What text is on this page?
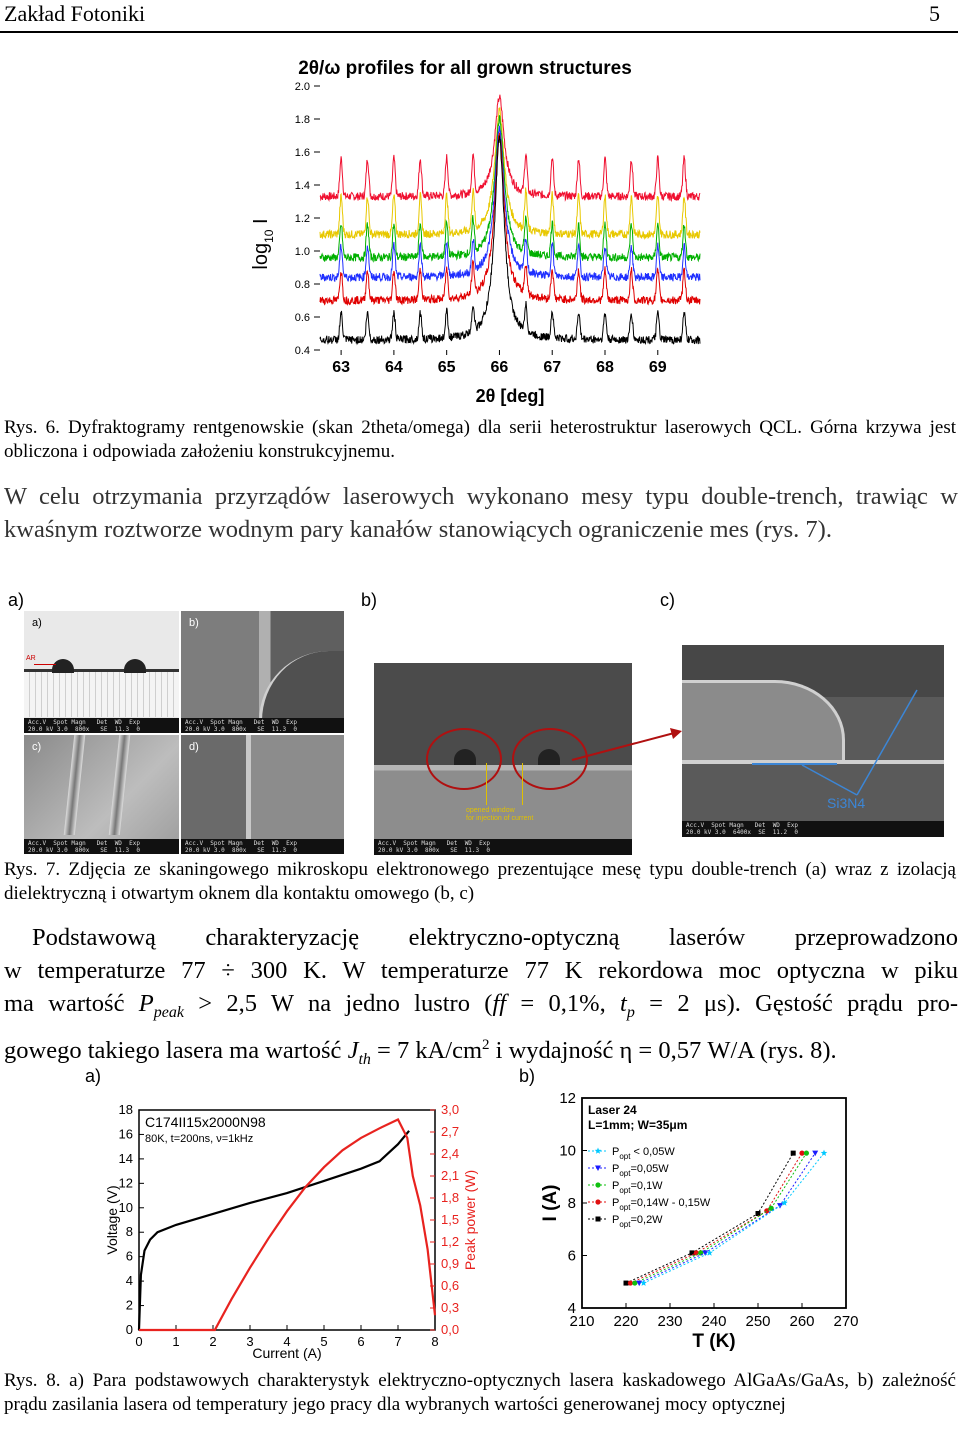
Zakład Fotoniki	5
2θ/ω profiles for all grown structures
0.4
0.6
0.8
1.0
1.2
1.4
1.6
1.8
2.0
63 64 65 66 67 68 69
2θ [deg]
$\log_{10} I$
Rys. 6. Dyfraktogramy rentgenowskie (skan 2theta/omega) dla serii heterostruktur laserowych QCL. Górna krzywa jest obliczona i odpowiada założeniu konstrukcyjnemu.
W celu otrzymania przyrządów laserowych wykonano mesy typu double-trench, trawiąc w kwaśnym roztworze wodnym pary kanałów stanowiących ograniczenie mes (rys. 7).
a)	b)	c)
AR
a)
Acc.V  Spot Magn   Det  WD  Exp
20.0 kV 3.0  800x   SE  11.3  0
b)
Acc.V  Spot Magn   Det  WD  Exp
20.0 kV 3.0  800x   SE  11.3  0
c)
Acc.V  Spot Magn   Det  WD  Exp
20.0 kV 3.0  800x   SE  11.3  0
d)
Acc.V  Spot Magn   Det  WD  Exp
20.0 kV 3.0  800x   SE  11.3  0
opened window
for injection of current
Acc.V  Spot Magn   Det  WD  Exp
20.0 kV 3.0  800x   SE  11.3  0
Si3N4
Acc.V  Spot Magn   Det  WD  Exp
20.0 kV 3.0  6400x  SE  11.2  0
Rys. 7. Zdjęcia ze skaningowego mikroskopu elektronowego prezentujące mesę typu double-trench (a) wraz z izolacją dielektryczną i otwartym oknem dla kontaktu omowego (b, c)
Podstawową charakteryzację elektryczno-optyczną laserów przeprowadzono
w temperaturze 77 ÷ 300 K. W temperaturze 77 K rekordowa moc optyczna w piku
ma wartość $P_{peak} > 2,5$ W na jedno lustro (ff = 0,1%, $t_p = 2$ μs). Gęstość prądu pro-
gowego takiego lasera ma wartość $J_{th} = 7$ $kA/cm^2$ i wydajność η = 0,57 W/A (rys. 8).
a)	b)
0 1 2 3 4 5 6 7 8
0
2
4
6
8
10
12
14
16
18
0,0
0,3
0,6
0,9
1,2
1,5
1,8
2,1
2,4
2,7
3,0
Current (A)
Voltage (V)	Peak power (W)
C174II15x2000N98
80K, t=200ns, ν=1kHz
210 220 230 240 250 260 270
4
6
8
10
12
T (K)
I (A)
Laser 24
L=1mm; W=35μm
$P_{opt} < 0,05W$
$P_{opt}=0,05W$
$P_{opt}=0,1W$
$P_{opt}=0,14W - 0,15W$
$P_{opt}=0,2W$
Rys. 8. a) Para podstawowych charakterystyk elektryczno-optycznych lasera kaskadowego AlGaAs/GaAs, b) zależność prądu zasilania lasera od temperatury jego pracy dla wybranych wartości generowanej mocy optycznej
